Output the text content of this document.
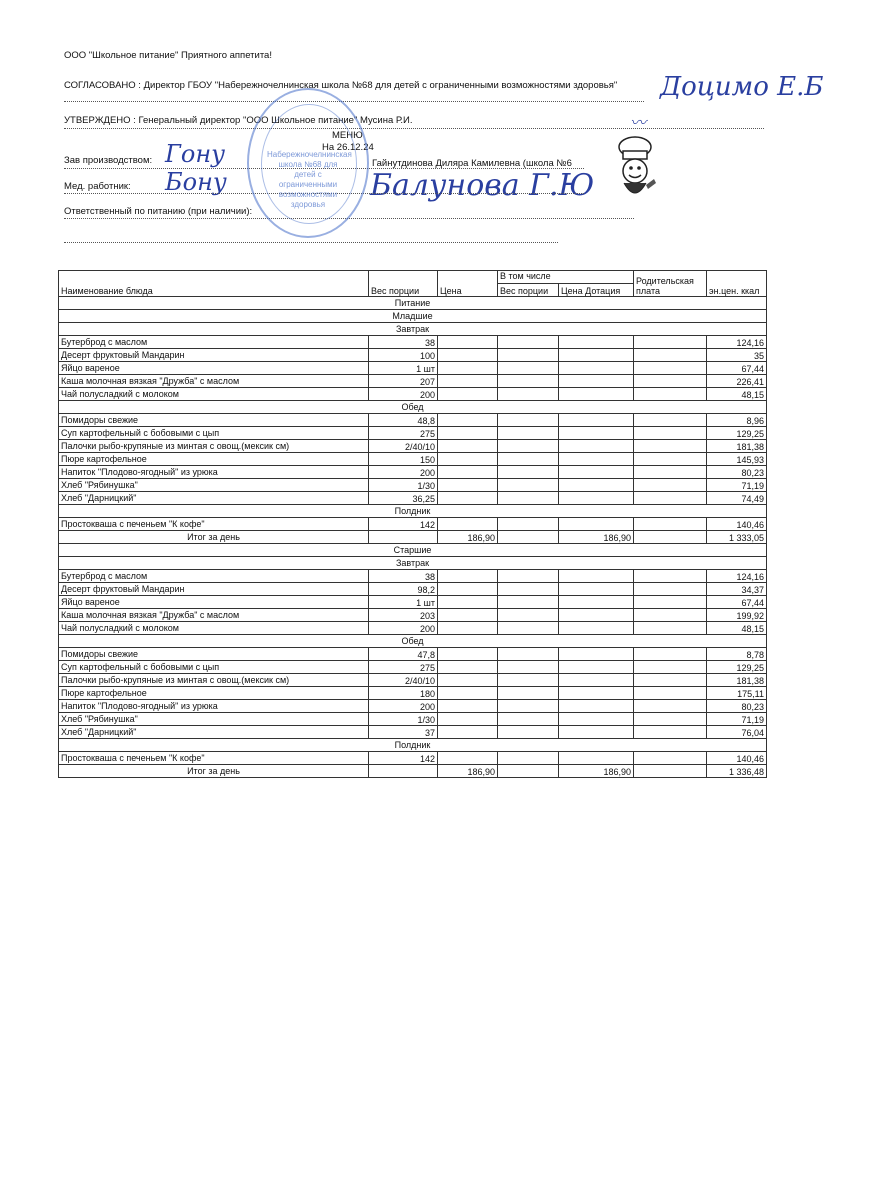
ООО "Школьное питание" Приятного аппетита!
СОГЛАСОВАНО : Директор ГБОУ "Набережночелнинская школа №68 для детей с ограниченными возможностями здоровья"	Доцимо Е.Б
УТВЕРЖДЕНО : Генеральный директор "ООО Школьное питание" Мусина Р.И.	〰
МЕНЮ
На 26.12.24
Зав производством: Гону	Гайнутдинова Диляра Камилевна (школа №6
Мед. работник: Бону	Балунова Г.Ю
Ответственный по питанию (при наличии):
Набережночелнинская школа №68 для детей с ограниченными возможностями здоровья
Наименование блюда	Вес порции	Цена	В том числе		Родительская плата	эн.цен. ккал
			Вес порции	Цена Дотация		
Питание						
Младшие						
Завтрак						
Бутерброд с маслом	38					124,16
Десерт фруктовый Мандарин	100					35
Яйцо вареное	1 шт					67,44
Каша молочная вязкая "Дружба" с маслом	207					226,41
Чай полусладкий с молоком	200					48,15
Обед						
Помидоры свежие	48,8					8,96
Суп картофельный с бобовыми с цып	275					129,25
Палочки рыбо-крупяные из минтая с овощ.(мексик см)	2/40/10					181,38
Пюре картофельное	150					145,93
Напиток "Плодово-ягодный" из урюка	200					80,23
Хлеб "Рябинушка"	1/30					71,19
Хлеб "Дарницкий"	36,25					74,49
Полдник						
Простокваша с печеньем "К кофе"	142					140,46
Итог за день		186,90		186,90		1 333,05
Старшие						
Завтрак						
Бутерброд с маслом	38					124,16
Десерт фруктовый Мандарин	98,2					34,37
Яйцо вареное	1 шт					67,44
Каша молочная вязкая "Дружба" с маслом	203					199,92
Чай полусладкий с молоком	200					48,15
Обед						
Помидоры свежие	47,8					8,78
Суп картофельный с бобовыми с цып	275					129,25
Палочки рыбо-крупяные из минтая с овощ.(мексик см)	2/40/10					181,38
Пюре картофельное	180					175,11
Напиток "Плодово-ягодный" из урюка	200					80,23
Хлеб "Рябинушка"	1/30					71,19
Хлеб "Дарницкий"	37					76,04
Полдник						
Простокваша с печеньем "К кофе"	142					140,46
Итог за день		186,90		186,90		1 336,48
